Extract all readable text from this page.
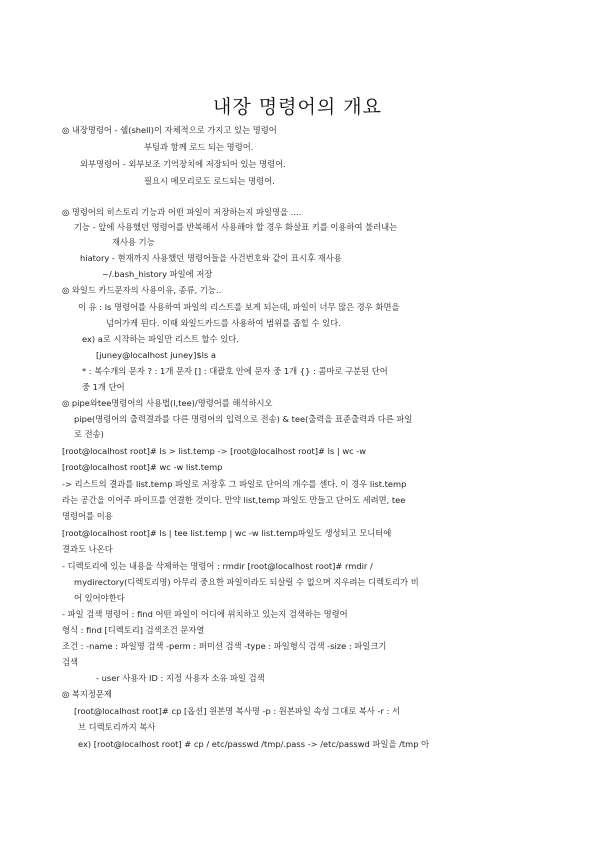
내장 명령어의 개요
◎ 내장명령어 - 쉘(shell)이 자체적으로 가지고 있는 명령어
부팅과 함께 로드 되는 명령어.
외부명령어 - 외부보조 기억장치에 저장되어 있는 명령어.
필요시 메모리로도 로드되는 명령어.
◎ 명령어의 히스토리 기능과 어떤 파일이 저장하는지 파일명을 ....
기능 - 앞에 사용했던 명령어를 반복해서 사용해야 할 경우 화살표 키를 이용하여 불러내는
재사용 기능
hiatory - 현재까지 사용했던 명령어들을 사건번호와 같이 표시후 재사용
~/.bash_history 파일에 저장
◎ 와일드 카드문자의 사용이유, 종류, 기능..
이 유 : ls 명령어를 사용하여 파일의 리스트를 보게 되는데, 파일이 너무 많은 경우 화면을
넘어가게 된다. 이때 와일드카드를 사용하여 범위를 좁힐 수 있다.
ex) a로 시작하는 파일만 리스트 할수 있다.
[juney@localhost juney]$ls a
* : 복수개의 문자 ? : 1개 문자 [] : 대괄호 안에 문자 중 1개 {} : 콤마로 구분된 단어
중 1개 단어
◎ pipe와tee명령어의 사용법(l,tee)/명령어를 해석하시오
pipe(명령어의 출력결과를 다른 명령어의 입력으로 전송) & tee(출력을 표준출력과 다른 파일
로 전송)
[root@localhost root]# ls > list.temp -> [root@localhost root]# ls | wc -w
[root@localhost root]# wc -w list.temp
-> 리스트의 결과를 list.temp 파일로 저장후 그 파일로 단어의 개수를 센다. 이 경우 list.temp
라는 공간을 이어주 파이프를 연결한 것이다. 만약 list,temp 파일도 만들고 단어도 세려면, tee
명령어를 이용
[root@localhost root]# ls | tee list.temp | wc -w list.temp파일도 생성되고 모니터에
결과도 나온다
- 디렉토리에 있는 내용을 삭제하는 명령어 : rmdir [root@localhost root]# rmdir /
mydirectory(디렉토리명) 아무리 중요한 파일이라도 되살릴 수 없으며 지우려는 디렉토리가 비
어 있어야한다
- 파일 검색 명령어 : find 어떤 파일이 어디에 위치하고 있는지 검색하는 명령어
형식 : find [디렉토리] 검색조건 문자열
조건 : -name : 파일명 검색 -perm : 퍼미션 검색 -type : 파일형식 검색 -size : 파일크기
검색
- user 사용자 ID : 지정 사용자 소유 파일 검색
◎ 복지정문제
[root@localhost root]# cp [옵션] 원본명 복사명 -p : 원본파일 속성 그대로 복사 -r : 서
브 디렉토리까지 복사
ex) [root@localhost root] # cp / etc/passwd /tmp/.pass -> /etc/passwd 파일을 /tmp 아
